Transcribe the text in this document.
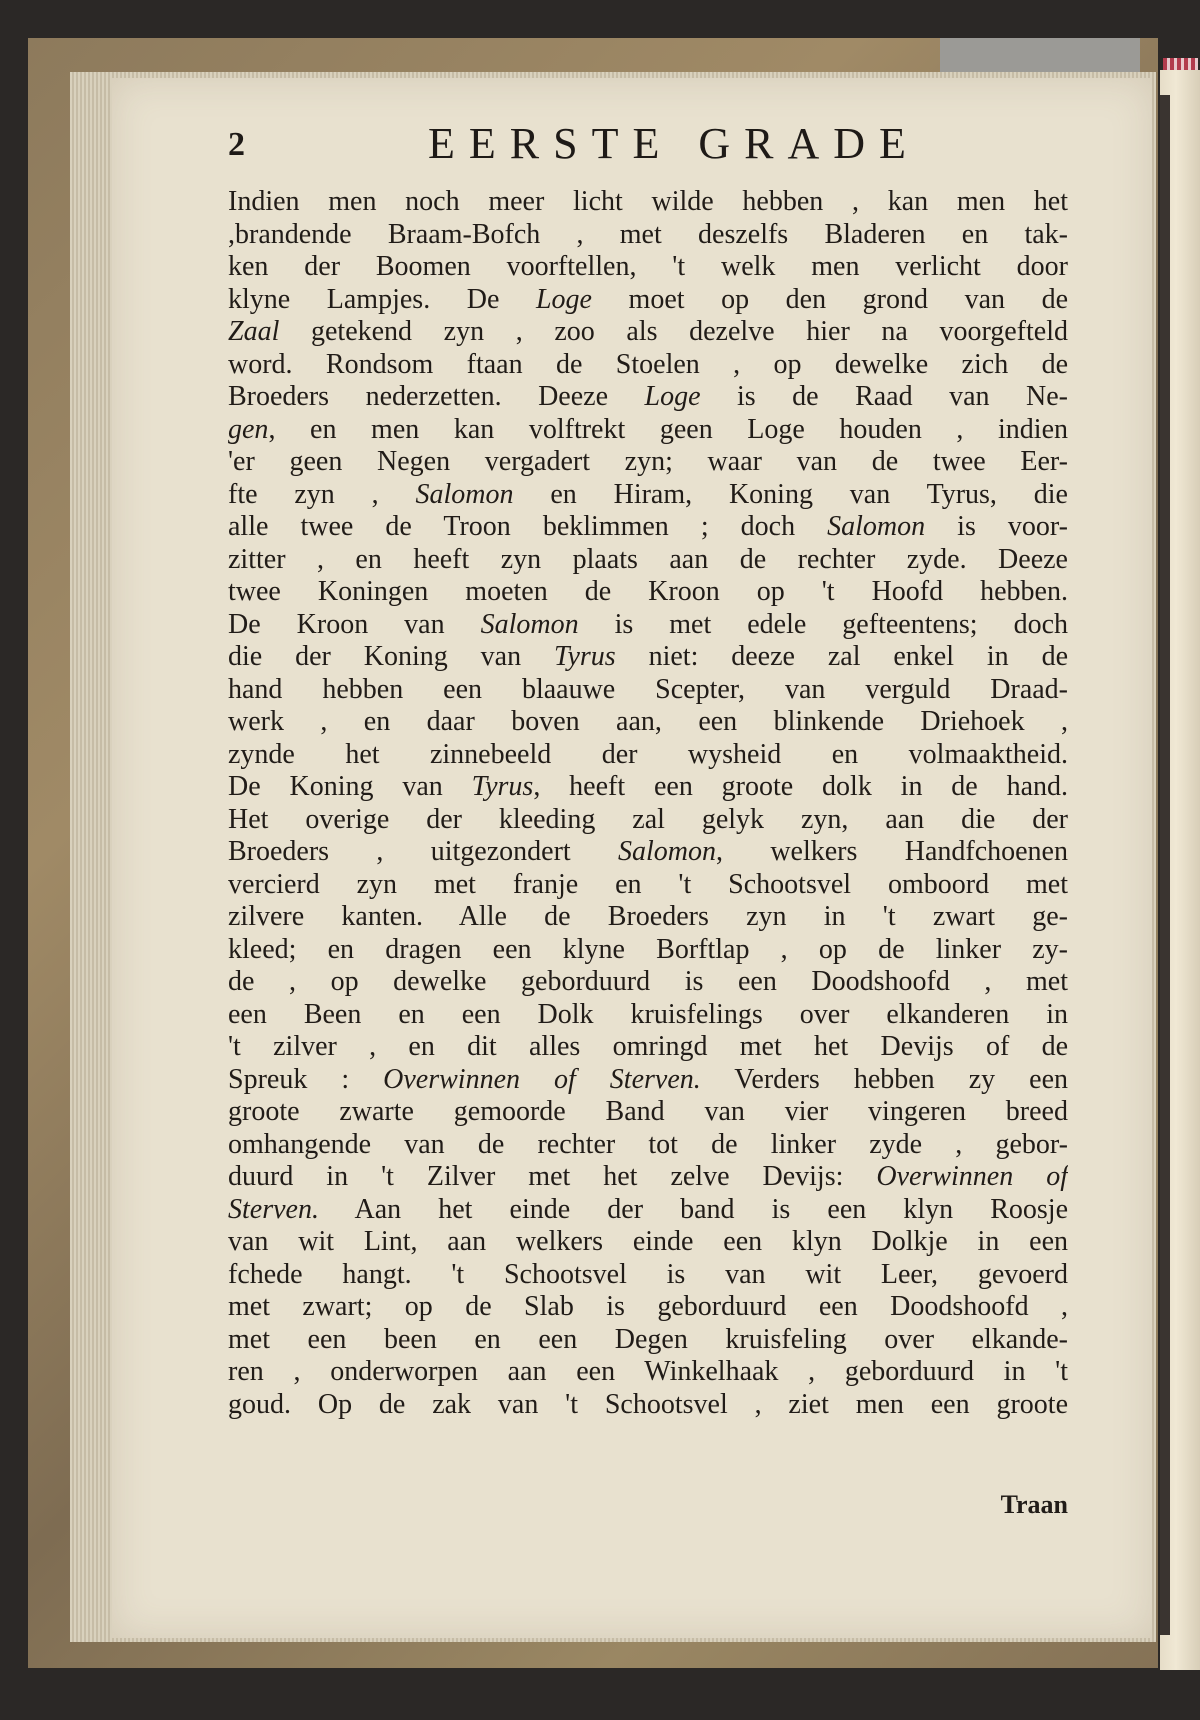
2	EERSTE GRADE
Indien men noch meer licht wilde hebben , kan men het
,brandende Braam-Bofch , met deszelfs Bladeren en tak-
ken der Boomen voorftellen, 't welk men verlicht door
klyne Lampjes. De Loge moet op den grond van de
Zaal getekend zyn , zoo als dezelve hier na voorgefteld
word. Rondsom ftaan de Stoelen , op dewelke zich de
Broeders nederzetten. Deeze Loge is de Raad van Ne-
gen, en men kan volftrekt geen Loge houden , indien
'er geen Negen vergadert zyn; waar van de twee Eer-
fte zyn , Salomon en Hiram, Koning van Tyrus, die
alle twee de Troon beklimmen ; doch Salomon is voor-
zitter , en heeft zyn plaats aan de rechter zyde. Deeze
twee Koningen moeten de Kroon op 't Hoofd hebben.
De Kroon van Salomon is met edele gefteentens; doch
die der Koning van Tyrus niet: deeze zal enkel in de
hand hebben een blaauwe Scepter, van verguld Draad-
werk , en daar boven aan, een blinkende Driehoek ,
zynde het zinnebeeld der wysheid en volmaaktheid.
De Koning van Tyrus, heeft een groote dolk in de hand.
Het overige der kleeding zal gelyk zyn, aan die der
Broeders , uitgezondert Salomon, welkers Handfchoenen
vercierd zyn met franje en 't Schootsvel omboord met
zilvere kanten. Alle de Broeders zyn in 't zwart ge-
kleed; en dragen een klyne Borftlap , op de linker zy-
de , op dewelke geborduurd is een Doodshoofd , met
een Been en een Dolk kruisfelings over elkanderen in
't zilver , en dit alles omringd met het Devijs of de
Spreuk : Overwinnen of Sterven. Verders hebben zy een
groote zwarte gemoorde Band van vier vingeren breed
omhangende van de rechter tot de linker zyde , gebor-
duurd in 't Zilver met het zelve Devijs: Overwinnen of
Sterven. Aan het einde der band is een klyn Roosje
van wit Lint, aan welkers einde een klyn Dolkje in een
fchede hangt. 't Schootsvel is van wit Leer, gevoerd
met zwart; op de Slab is geborduurd een Doodshoofd ,
met een been en een Degen kruisfeling over elkande-
ren , onderworpen aan een Winkelhaak , geborduurd in 't
goud. Op de zak van 't Schootsvel , ziet men een groote
Traan
